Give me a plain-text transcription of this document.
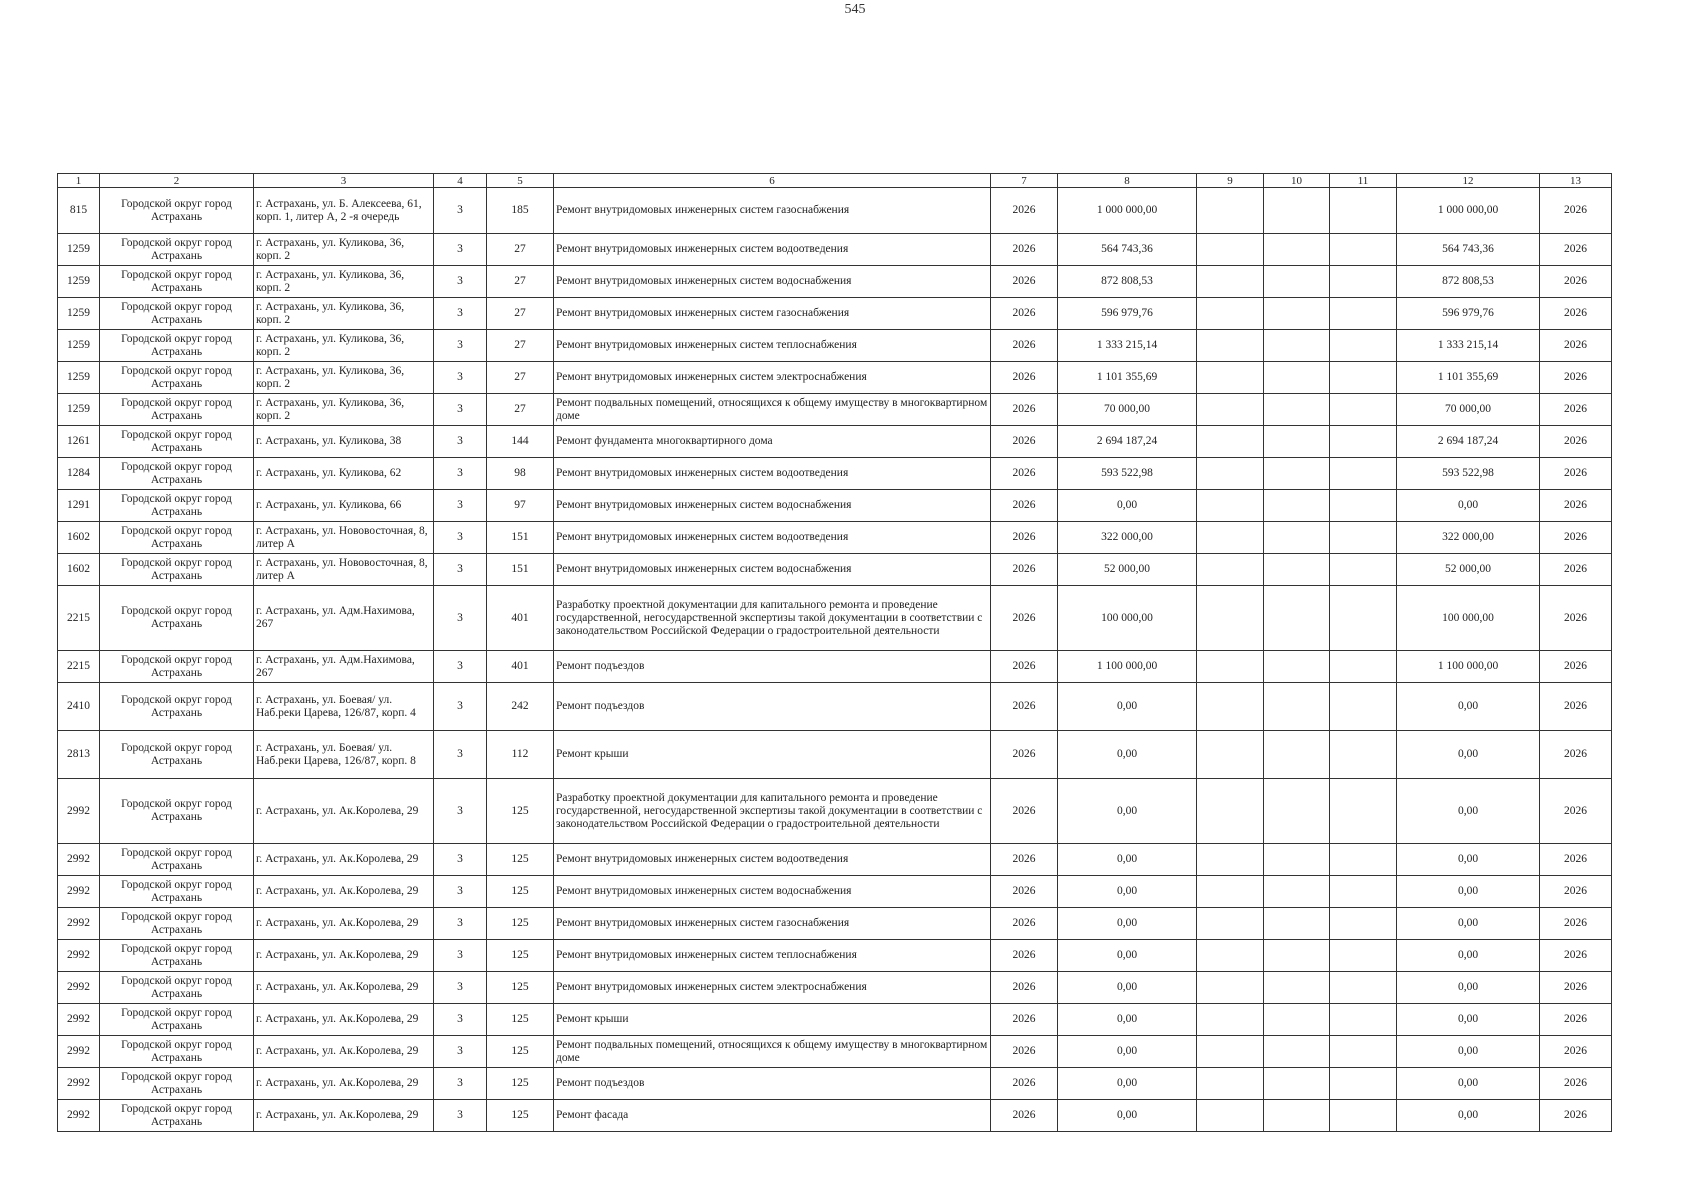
545
1	2	3	4	5	6	7	8	9	10	11	12	13
815	Городской округ город Астрахань	г. Астрахань, ул. Б. Алексеева, 61, корп. 1, литер А, 2 -я очередь	3	185	Ремонт внутридомовых инженерных систем газоснабжения	2026	1 000 000,00				1 000 000,00	2026
1259	Городской округ город Астрахань	г. Астрахань, ул. Куликова, 36, корп. 2	3	27	Ремонт внутридомовых инженерных систем водоотведения	2026	564 743,36				564 743,36	2026
1259	Городской округ город Астрахань	г. Астрахань, ул. Куликова, 36, корп. 2	3	27	Ремонт внутридомовых инженерных систем водоснабжения	2026	872 808,53				872 808,53	2026
1259	Городской округ город Астрахань	г. Астрахань, ул. Куликова, 36, корп. 2	3	27	Ремонт внутридомовых инженерных систем газоснабжения	2026	596 979,76				596 979,76	2026
1259	Городской округ город Астрахань	г. Астрахань, ул. Куликова, 36, корп. 2	3	27	Ремонт внутридомовых инженерных систем теплоснабжения	2026	1 333 215,14				1 333 215,14	2026
1259	Городской округ город Астрахань	г. Астрахань, ул. Куликова, 36, корп. 2	3	27	Ремонт внутридомовых инженерных систем электроснабжения	2026	1 101 355,69				1 101 355,69	2026
1259	Городской округ город Астрахань	г. Астрахань, ул. Куликова, 36, корп. 2	3	27	Ремонт подвальных помещений, относящихся к общему имуществу в многоквартирном доме	2026	70 000,00				70 000,00	2026
1261	Городской округ город Астрахань	г. Астрахань, ул. Куликова, 38	3	144	Ремонт фундамента многоквартирного дома	2026	2 694 187,24				2 694 187,24	2026
1284	Городской округ город Астрахань	г. Астрахань, ул. Куликова, 62	3	98	Ремонт внутридомовых инженерных систем водоотведения	2026	593 522,98				593 522,98	2026
1291	Городской округ город Астрахань	г. Астрахань, ул. Куликова, 66	3	97	Ремонт внутридомовых инженерных систем водоснабжения	2026	0,00				0,00	2026
1602	Городской округ город Астрахань	г. Астрахань, ул. Нововосточная, 8, литер А	3	151	Ремонт внутридомовых инженерных систем водоотведения	2026	322 000,00				322 000,00	2026
1602	Городской округ город Астрахань	г. Астрахань, ул. Нововосточная, 8, литер А	3	151	Ремонт внутридомовых инженерных систем водоснабжения	2026	52 000,00				52 000,00	2026
2215	Городской округ город Астрахань	г. Астрахань, ул. Адм.Нахимова, 267	3	401	Разработку проектной документации для капитального ремонта и проведение государственной, негосударственной экспертизы такой документации в соответствии с законодательством Российской Федерации о градостроительной деятельности	2026	100 000,00				100 000,00	2026
2215	Городской округ город Астрахань	г. Астрахань, ул. Адм.Нахимова, 267	3	401	Ремонт подъездов	2026	1 100 000,00				1 100 000,00	2026
2410	Городской округ город Астрахань	г. Астрахань, ул. Боевая/ ул. Наб.реки Царева, 126/87, корп. 4	3	242	Ремонт подъездов	2026	0,00				0,00	2026
2813	Городской округ город Астрахань	г. Астрахань, ул. Боевая/ ул. Наб.реки Царева, 126/87, корп. 8	3	112	Ремонт крыши	2026	0,00				0,00	2026
2992	Городской округ город Астрахань	г. Астрахань, ул. Ак.Королева, 29	3	125	Разработку проектной документации для капитального ремонта и проведение государственной, негосударственной экспертизы такой документации в соответствии с законодательством Российской Федерации о градостроительной деятельности	2026	0,00				0,00	2026
2992	Городской округ город Астрахань	г. Астрахань, ул. Ак.Королева, 29	3	125	Ремонт внутридомовых инженерных систем водоотведения	2026	0,00				0,00	2026
2992	Городской округ город Астрахань	г. Астрахань, ул. Ак.Королева, 29	3	125	Ремонт внутридомовых инженерных систем водоснабжения	2026	0,00				0,00	2026
2992	Городской округ город Астрахань	г. Астрахань, ул. Ак.Королева, 29	3	125	Ремонт внутридомовых инженерных систем газоснабжения	2026	0,00				0,00	2026
2992	Городской округ город Астрахань	г. Астрахань, ул. Ак.Королева, 29	3	125	Ремонт внутридомовых инженерных систем теплоснабжения	2026	0,00				0,00	2026
2992	Городской округ город Астрахань	г. Астрахань, ул. Ак.Королева, 29	3	125	Ремонт внутридомовых инженерных систем электроснабжения	2026	0,00				0,00	2026
2992	Городской округ город Астрахань	г. Астрахань, ул. Ак.Королева, 29	3	125	Ремонт крыши	2026	0,00				0,00	2026
2992	Городской округ город Астрахань	г. Астрахань, ул. Ак.Королева, 29	3	125	Ремонт подвальных помещений, относящихся к общему имуществу в многоквартирном доме	2026	0,00				0,00	2026
2992	Городской округ город Астрахань	г. Астрахань, ул. Ак.Королева, 29	3	125	Ремонт подъездов	2026	0,00				0,00	2026
2992	Городской округ город Астрахань	г. Астрахань, ул. Ак.Королева, 29	3	125	Ремонт фасада	2026	0,00				0,00	2026
